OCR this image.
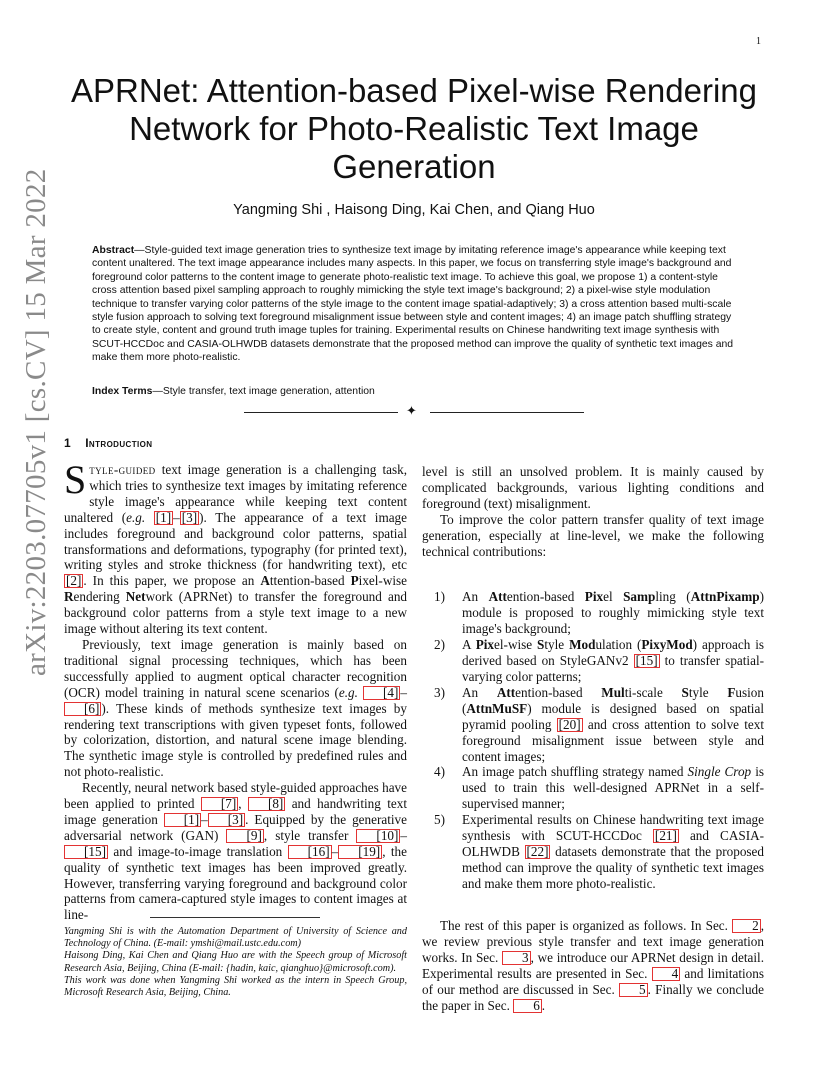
1
arXiv:2203.07705v1 [cs.CV] 15 Mar 2022
APRNet: Attention-based Pixel-wise Rendering Network for Photo-Realistic Text Image Generation
Yangming Shi , Haisong Ding, Kai Chen, and Qiang Huo
Abstract—Style-guided text image generation tries to synthesize text image by imitating reference image's appearance while keeping text content unaltered. The text image appearance includes many aspects. In this paper, we focus on transferring style image's background and foreground color patterns to the content image to generate photo-realistic text image. To achieve this goal, we propose 1) a content-style cross attention based pixel sampling approach to roughly mimicking the style text image's background; 2) a pixel-wise style modulation technique to transfer varying color patterns of the style image to the content image spatial-adaptively; 3) a cross attention based multi-scale style fusion approach to solving text foreground misalignment issue between style and content images; 4) an image patch shuffling strategy to create style, content and ground truth image tuples for training. Experimental results on Chinese handwriting text image synthesis with SCUT-HCCDoc and CASIA-OLHWDB datasets demonstrate that the proposed method can improve the quality of synthetic text images and make them more photo-realistic.
Index Terms—Style transfer, text image generation, attention
✦
1 Introduction

Style-guided text image generation is a challenging task, which tries to synthesize text images by imitating reference style image's appearance while keeping text content unaltered (e.g. [1] – [3] ). The appearance of a text image includes foreground and background color patterns, spatial transformations and deformations, typography (for printed text), writing styles and stroke thickness (for handwriting text), etc [2] . In this paper, we propose an Attention-based Pixel-wise Rendering Network (APRNet) to transfer the foreground and background color patterns from a style text image to a new image without altering its text content.

Previously, text image generation is mainly based on traditional signal processing techniques, which has been successfully applied to augment optical character recognition (OCR) model training in natural scene scenarios (e.g. [4] –[6] ). These kinds of methods synthesize text images by rendering text transcriptions with given typeset fonts, followed by colorization, distortion, and natural scene image blending. The synthetic image style is controlled by predefined rules and not photo-realistic.

Recently, neural network based style-guided approaches have been applied to printed [7] , [8] and handwriting text image generation [1] – [3] . Equipped by the generative adversarial network (GAN) [9] , style transfer [10] –[15] and image-to-image translation [16] – [19] , the quality of synthetic text images has been improved greatly. However, transferring varying foreground and background color patterns from camera-captured style images to content images at line-

level is still an unsolved problem. It is mainly caused by complicated backgrounds, various lighting conditions and foreground (text) misalignment.

To improve the color pattern transfer quality of text image generation, especially at line-level, we make the following technical contributions:

1) An Attention-based Pixel Sampling (AttnPixamp) module is proposed to roughly mimicking style text image's background;
2) A Pixel-wise Style Modulation (PixyMod) approach is derived based on StyleGANv2 [15] to transfer spatial-varying color patterns;
3) An Attention-based Multi-scale Style Fusion (AttnMuSF) module is designed based on spatial pyramid pooling [20] and cross attention to solve text foreground misalignment issue between style and content images;
4) An image patch shuffling strategy named Single Crop is used to train this well-designed APRNet in a self-supervised manner;
5) Experimental results on Chinese handwriting text image synthesis with SCUT-HCCDoc [21] and CASIA-OLHWDB [22] datasets demonstrate that the proposed method can improve the quality of synthetic text images and make them more photo-realistic.
The rest of this paper is organized as follows. In Sec. 2 , we review previous style transfer and text image generation works. In Sec. 3 , we introduce our APRNet design in detail. Experimental results are presented in Sec. 4 and limitations of our method are discussed in Sec. 5 . Finally we conclude the paper in Sec. 6 .

Yangming Shi is with the Automation Department of University of Science and Technology of China. (E-mail: ymshi@mail.ustc.edu.com)

Haisong Ding, Kai Chen and Qiang Huo are with the Speech group of Microsoft Research Asia, Beijing, China (E-mail: {hadin, kaic, qianghuo}@microsoft.com).

This work was done when Yangming Shi worked as the intern in Speech Group, Microsoft Research Asia, Beijing, China.
